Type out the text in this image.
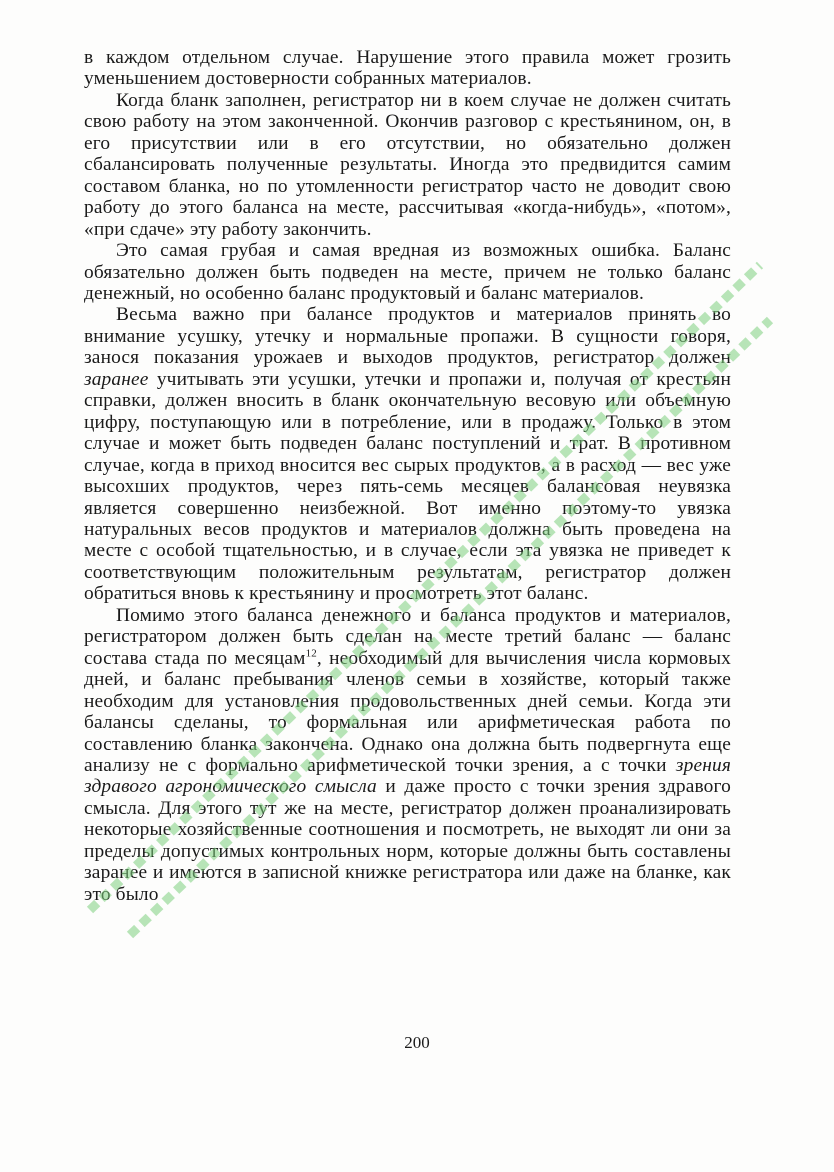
в каждом отдельном случае. Нарушение этого правила может грозить уменьшением достоверности собранных материалов.

Когда бланк заполнен, регистратор ни в коем случае не должен считать свою работу на этом законченной. Окончив разговор с крестьянином, он, в его присутствии или в его отсутствии, но обязательно должен сбалансировать полученные результаты. Иногда это предвидится самим составом бланка, но по утомленности регистратор часто не доводит свою работу до этого баланса на месте, рассчитывая «когда-нибудь», «потом», «при сдаче» эту работу закончить.

Это самая грубая и самая вредная из возможных ошибка. Баланс обязательно должен быть подведен на месте, причем не только баланс денежный, но особенно баланс продуктовый и баланс материалов.

Весьма важно при балансе продуктов и материалов принять во внимание усушку, утечку и нормальные пропажи. В сущности говоря, занося показания урожаев и выходов продуктов, регистратор должен заранее учитывать эти усушки, утечки и пропажи и, получая от крестьян справки, должен вносить в бланк окончательную весовую или объемную цифру, поступающую или в потребление, или в продажу. Только в этом случае и может быть подведен баланс поступлений и трат. В противном случае, когда в приход вносится вес сырых продуктов, а в расход — вес уже высохших продуктов, через пять-семь месяцев балансовая неувязка является совершенно неизбежной. Вот именно поэтому-то увязка натуральных весов продуктов и материалов должна быть проведена на месте с особой тщательностью, и в случае, если эта увязка не приведет к соответствующим положительным результатам, регистратор должен обратиться вновь к крестьянину и просмотреть этот баланс.

Помимо этого баланса денежного и баланса продуктов и материалов, регистратором должен быть сделан на месте третий баланс — баланс состава стада по месяцам$^{12}$, необходимый для вычисления числа кормовых дней, и баланс пребывания членов семьи в хозяйстве, который также необходим для установления продовольственных дней семьи. Когда эти балансы сделаны, то формальная или арифметическая работа по составлению бланка закончена. Однако она должна быть подвергнута еще анализу не с формально арифметической точки зрения, а с точки зрения здравого агрономического смысла и даже просто с точки зрения здравого смысла. Для этого тут же на месте, регистратор должен проанализировать некоторые хозяйственные соотношения и посмотреть, не выходят ли они за пределы допустимых контрольных норм, которые должны быть составлены заранее и имеются в записной книжке регистратора или даже на бланке, как это было

200
